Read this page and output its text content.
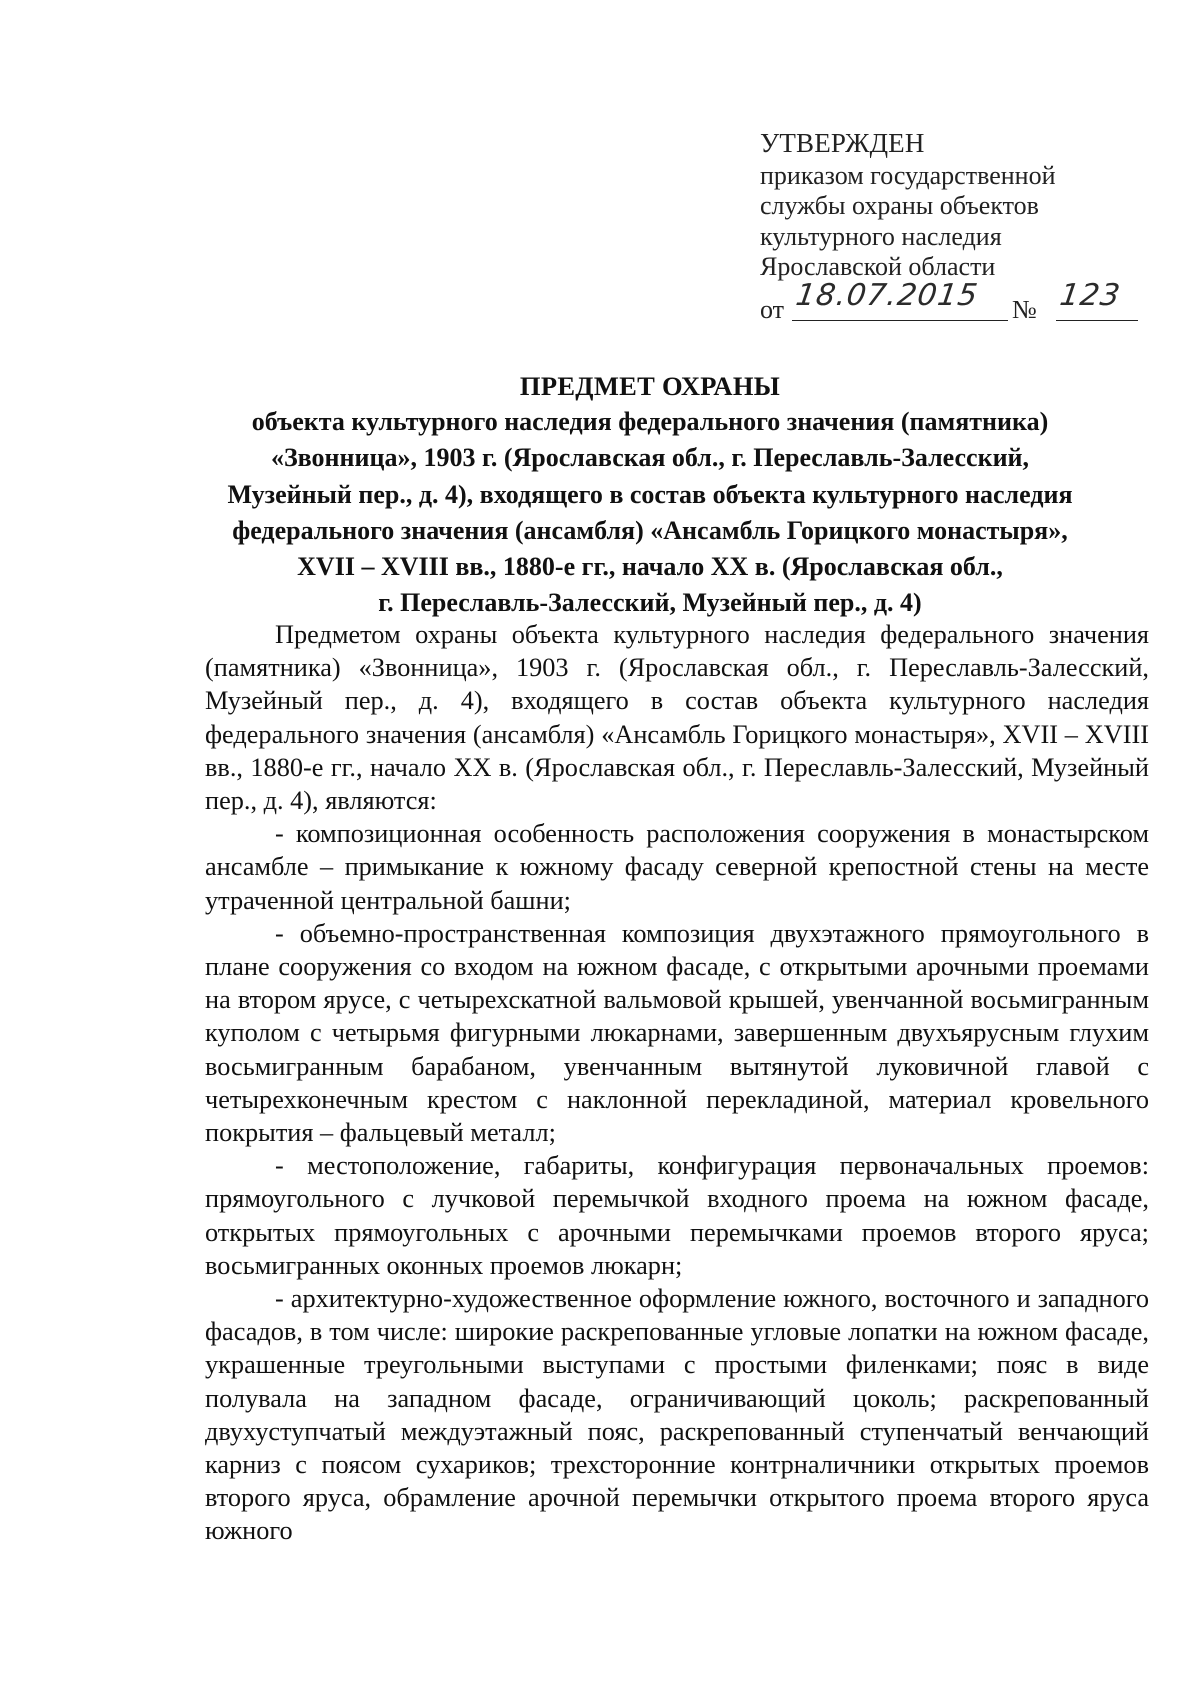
УТВЕРЖДЕН
приказом государственной
службы охраны объектов
культурного наследия
Ярославской области
от 18.07.2015 № 123
ПРЕДМЕТ ОХРАНЫ
объекта культурного наследия федерального значения (памятника)
«Звонница», 1903 г. (Ярославская обл., г. Переславль-Залесский,
Музейный пер., д. 4), входящего в состав объекта культурного наследия
федерального значения (ансамбля) «Ансамбль Горицкого монастыря»,
XVII – XVIII вв., 1880-е гг., начало XX в. (Ярославская обл.,
г. Переславль-Залесский, Музейный пер., д. 4)

Предметом охраны объекта культурного наследия федерального значения (памятника) «Звонница», 1903 г. (Ярославская обл., г. Переславль-Залесский, Музейный пер., д. 4), входящего в состав объекта культурного наследия федерального значения (ансамбля) «Ансамбль Горицкого монастыря», XVII – XVIII вв., 1880-е гг., начало XX в. (Ярославская обл., г. Переславль-Залесский, Музейный пер., д. 4), являются:

- композиционная особенность расположения сооружения в монастырском ансамбле – примыкание к южному фасаду северной крепостной стены на месте утраченной центральной башни;

- объемно-пространственная композиция двухэтажного прямоугольного в плане сооружения со входом на южном фасаде, с открытыми арочными проемами на втором ярусе, с четырехскатной вальмовой крышей, увенчанной восьмигранным куполом с четырьмя фигурными люкарнами, завершенным двухъярусным глухим восьмигранным барабаном, увенчанным вытянутой луковичной главой с четырехконечным крестом с наклонной перекладиной, материал кровельного покрытия – фальцевый металл;

- местоположение, габариты, конфигурация первоначальных проемов: прямоугольного с лучковой перемычкой входного проема на южном фасаде, открытых прямоугольных с арочными перемычками проемов второго яруса; восьмигранных оконных проемов люкарн;

- архитектурно-художественное оформление южного, восточного и западного фасадов, в том числе: широкие раскрепованные угловые лопатки на южном фасаде, украшенные треугольными выступами с простыми филенками; пояс в виде полувала на западном фасаде, ограничивающий цоколь; раскрепованный двухуступчатый междуэтажный пояс, раскрепованный ступенчатый венчающий карниз с поясом сухариков; трехсторонние контрналичники открытых проемов второго яруса, обрамление арочной перемычки открытого проема второго яруса южного
